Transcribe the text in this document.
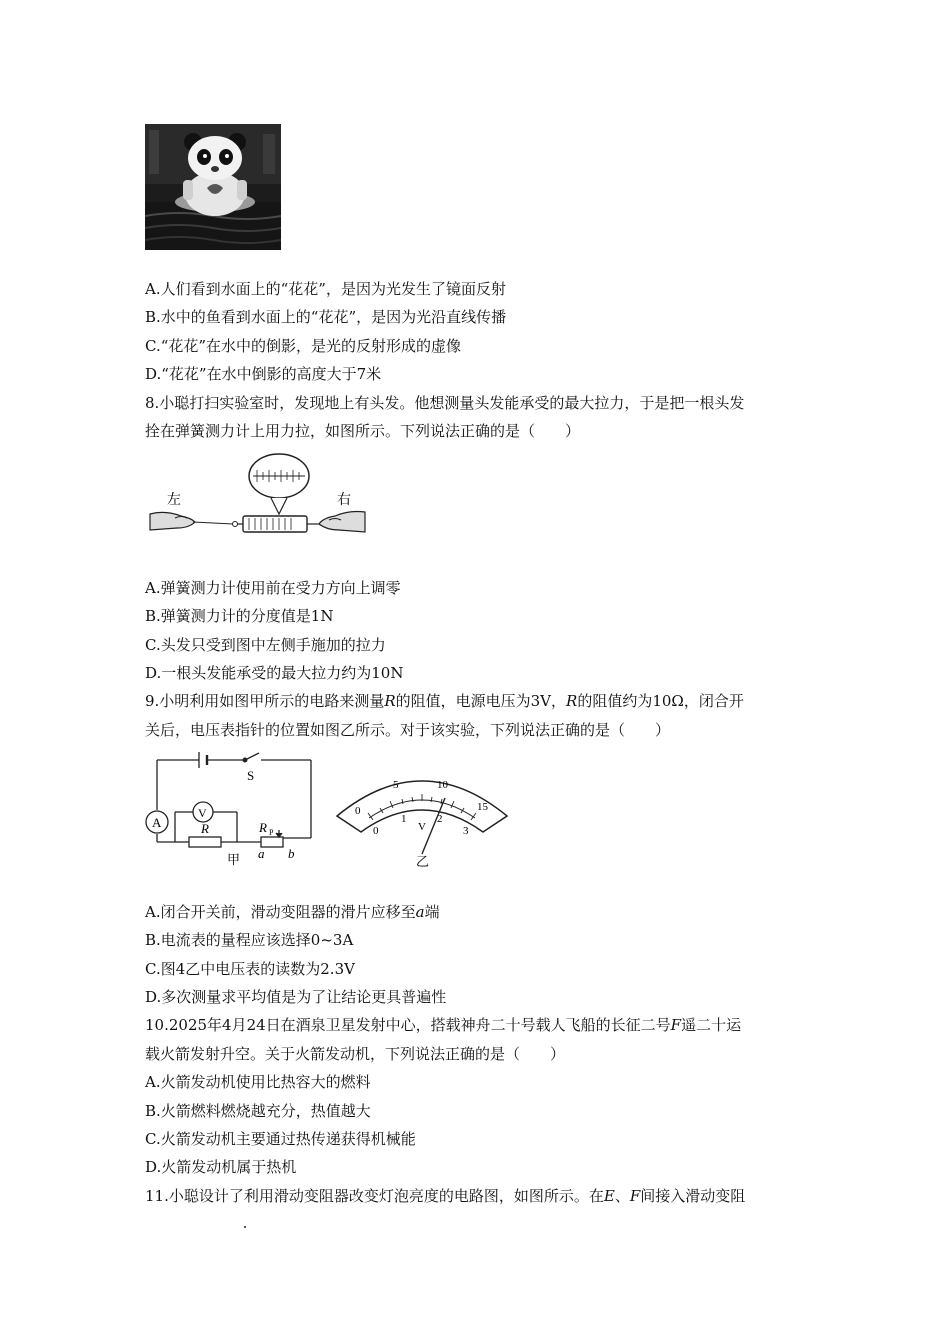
A.人们看到水面上的“花花”，是因为光发生了镜面反射
B.水中的鱼看到水面上的“花花”，是因为光沿直线传播
C.“花花”在水中的倒影，是光的反射形成的虚像
D.“花花”在水中倒影的高度大于7米
8.小聪打扫实验室时，发现地上有头发。他想测量头发能承受的最大拉力，于是把一根头发
拴在弹簧测力计上用力拉，如图所示。下列说法正确的是（　　）
左	右
A.弹簧测力计使用前在受力方向上调零
B.弹簧测力计的分度值是1N
C.头发只受到图中左侧手施加的拉力
D.一根头发能承受的最大拉力约为10N
9.小明利用如图甲所示的电路来测量R的阻值，电源电压为3V，R的阻值约为10Ω，闭合开
关后，电压表指针的位置如图乙所示。对于该实验，下列说法正确的是（　　）
A
V
S
R	R P
a b
甲
0
5	10
15
0
1	2
3
V
乙
A.闭合开关前，滑动变阻器的滑片应移至a端
B.电流表的量程应该选择0~3A
C.图4乙中电压表的读数为2.3V
D.多次测量求平均值是为了让结论更具普遍性
10.2025年4月24日在酒泉卫星发射中心，搭载神舟二十号载人飞船的长征二号F遥二十运
载火箭发射升空。关于火箭发动机，下列说法正确的是（　　）
A.火箭发动机使用比热容大的燃料
B.火箭燃料燃烧越充分，热值越大
C.火箭发动机主要通过热传递获得机械能
D.火箭发动机属于热机
11.小聪设计了利用滑动变阻器改变灯泡亮度的电路图，如图所示。在E、F间接入滑动变阻
